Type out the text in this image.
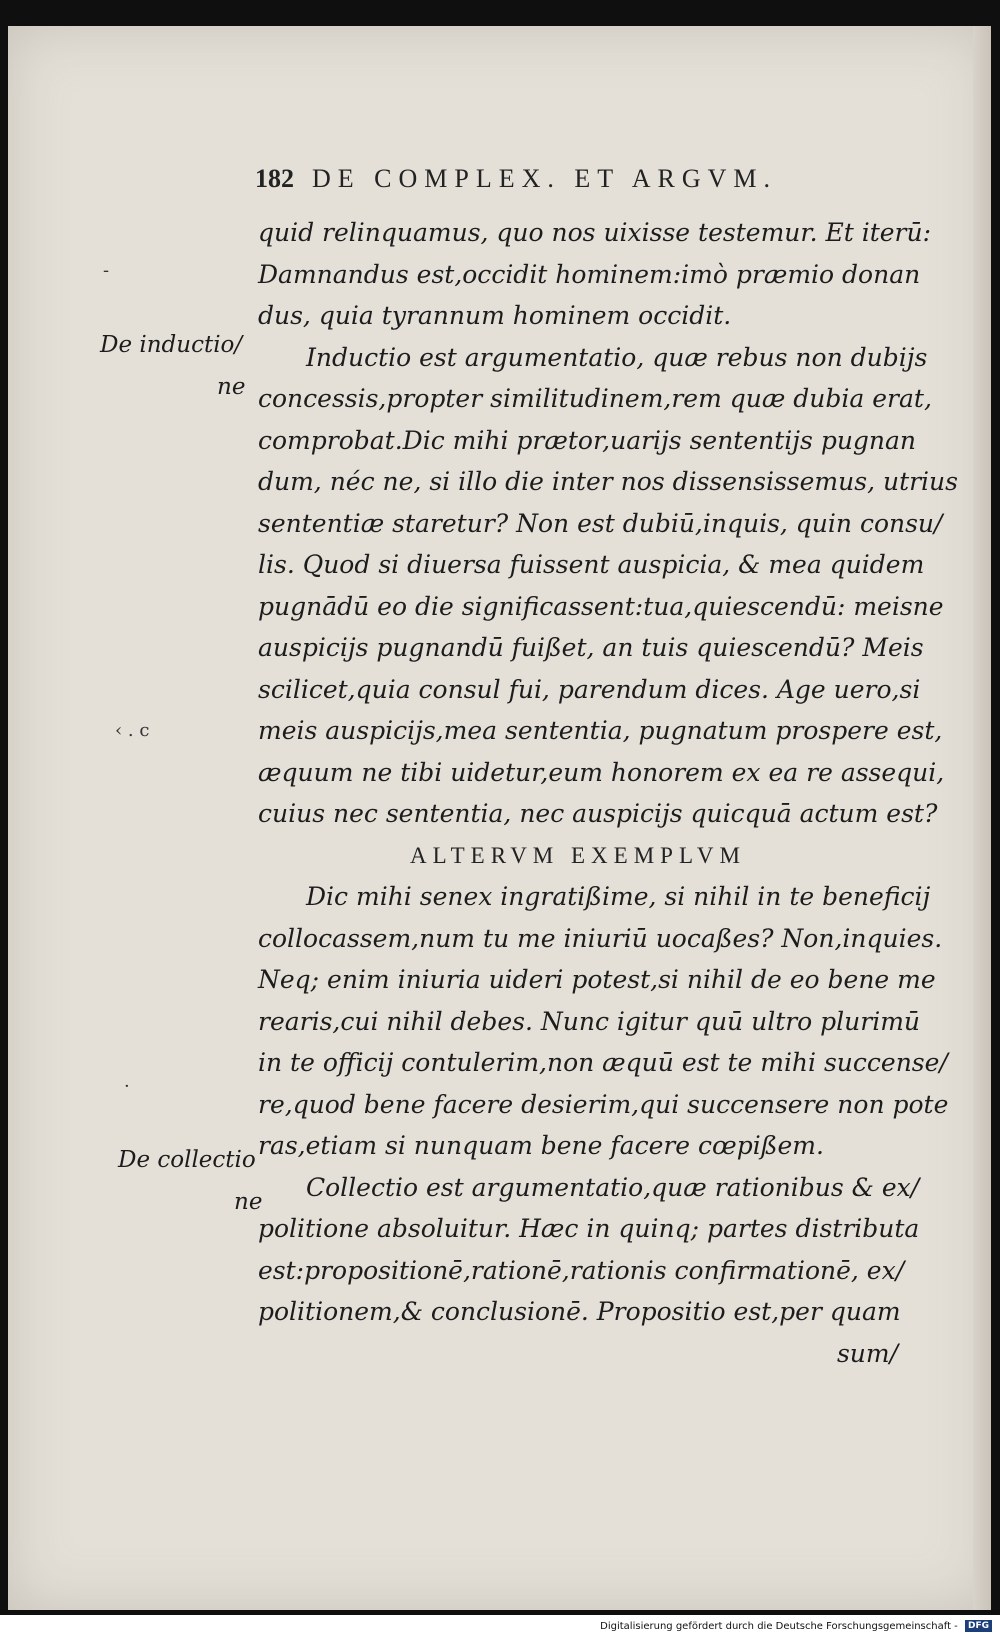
182 DE COMPLEX. ET ARGVM.
De inductio/
ne
De collectio
ne
-
‹ . c
·
quid relinquamus, quo nos uixisse testemur. Et iterū:
Damnandus est,occidit hominem:imò præmio donan
dus, quia tyrannum hominem occidit.
Inductio est argumentatio, quæ rebus non dubijs
concessis,propter similitudinem,rem quæ dubia erat,
comprobat.Dic mihi prætor,uarijs sententijs pugnan
dum, néc ne, si illo die inter nos dissensissemus, utrius
sententiæ staretur? Non est dubiū,inquis, quin consu/
lis. Quod si diuersa fuissent auspicia, & mea quidem
pugnādū eo die significassent:tua,quiescendū: meisne
auspicijs pugnandū fuißet, an tuis quiescendū? Meis
scilicet,quia consul fui, parendum dices. Age uero,si
meis auspicijs,mea sententia, pugnatum prospere est,
æquum ne tibi uidetur,eum honorem ex ea re assequi,
cuius nec sententia, nec auspicijs quicquā actum est?
ALTERVM EXEMPLVM
Dic mihi senex ingratißime, si nihil in te beneficij
collocassem,num tu me iniuriū uocaßes? Non,inquies.
Neq; enim iniuria uideri potest,si nihil de eo bene me
rearis,cui nihil debes. Nunc igitur quū ultro plurimū
in te officij contulerim,non æquū est te mihi succense/
re,quod bene facere desierim,qui succensere non pote
ras,etiam si nunquam bene facere cœpißem.
Collectio est argumentatio,quæ rationibus & ex/
politione absoluitur. Hæc in quinq; partes distributa
est:propositionē,rationē,rationis confirmationē, ex/
politionem,& conclusionē. Propositio est,per quam
sum/
Digitalisierung gefördert durch die Deutsche Forschungsgemeinschaft - DFG
